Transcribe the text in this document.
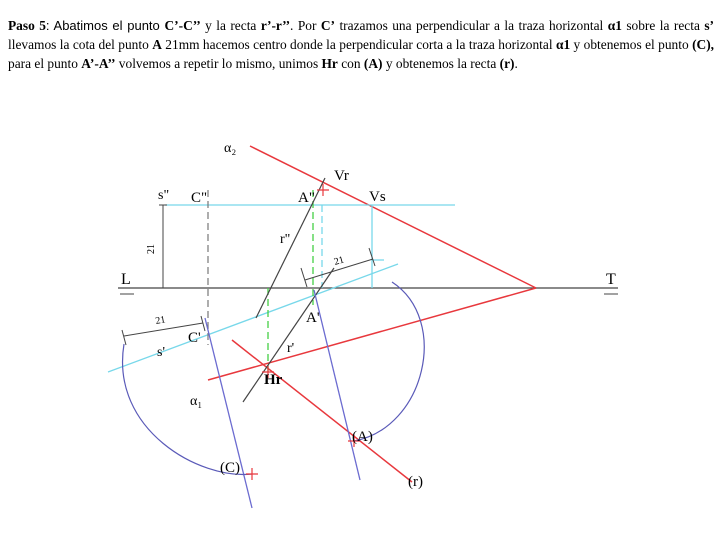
Paso 5: Abatimos el punto C’-C’’ y la recta r’-r’’. Por C’ trazamos una perpendicular a la traza horizontal α1 sobre la recta s’ llevamos la cota del punto A 21mm hacemos centro donde la perpendicular corta a la traza horizontal α1 y obtenemos el punto (C), para el punto A’-A’’ volvemos a repetir lo mismo, unimos Hr con (A) y obtenemos la recta (r).
α₂
α₁
Vr
Vs
s" C"	A"
r"
21
21
21
L	T
A'
C'
s'	r'
Hr
(A)
(C)
(r)
